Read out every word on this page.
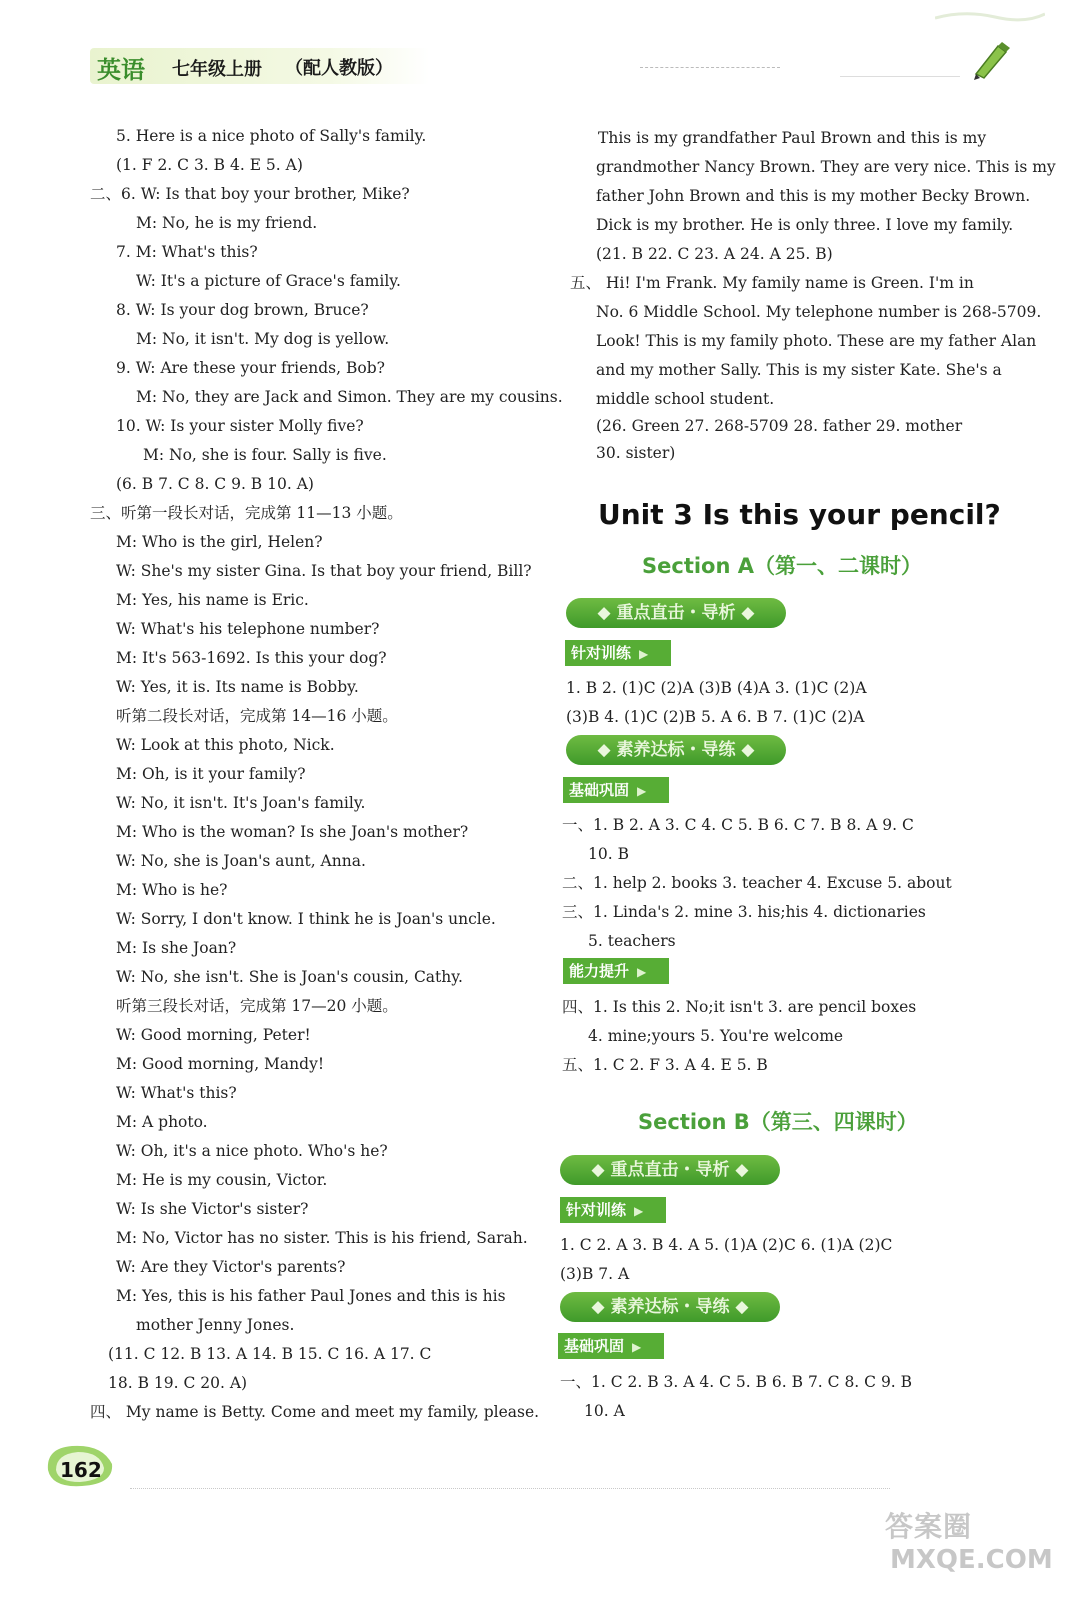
英语 七年级上册 （配人教版）
5. Here is a nice photo of Sally's family.
(1. F 2. C 3. B 4. E 5. A)
二、6. W: Is that boy your brother, Mike?
M: No, he is my friend.
7. M: What's this?
W: It's a picture of Grace's family.
8. W: Is your dog brown, Bruce?
M: No, it isn't. My dog is yellow.
9. W: Are these your friends, Bob?
M: No, they are Jack and Simon. They are my cousins.
10. W: Is your sister Molly five?
M: No, she is four. Sally is five.
(6. B 7. C 8. C 9. B 10. A)
三、听第一段长对话，完成第 11—13 小题。
M: Who is the girl, Helen?
W: She's my sister Gina. Is that boy your friend, Bill?
M: Yes, his name is Eric.
W: What's his telephone number?
M: It's 563-1692. Is this your dog?
W: Yes, it is. Its name is Bobby.
听第二段长对话，完成第 14—16 小题。
W: Look at this photo, Nick.
M: Oh, is it your family?
W: No, it isn't. It's Joan's family.
M: Who is the woman? Is she Joan's mother?
W: No, she is Joan's aunt, Anna.
M: Who is he?
W: Sorry, I don't know. I think he is Joan's uncle.
M: Is she Joan?
W: No, she isn't. She is Joan's cousin, Cathy.
听第三段长对话，完成第 17—20 小题。
W: Good morning, Peter!
M: Good morning, Mandy!
W: What's this?
M: A photo.
W: Oh, it's a nice photo. Who's he?
M: He is my cousin, Victor.
W: Is she Victor's sister?
M: No, Victor has no sister. This is his friend, Sarah.
W: Are they Victor's parents?
M: Yes, this is his father Paul Jones and this is his
mother Jenny Jones.
(11. C 12. B 13. A 14. B 15. C 16. A 17. C
18. B 19. C 20. A)
四、 My name is Betty. Come and meet my family, please.
This is my grandfather Paul Brown and this is my
grandmother Nancy Brown. They are very nice. This is my
father John Brown and this is my mother Becky Brown.
Dick is my brother. He is only three. I love my family.
(21. B 22. C 23. A 24. A 25. B)
五、 Hi! I'm Frank. My family name is Green. I'm in
No. 6 Middle School. My telephone number is 268-5709.
Look! This is my family photo. These are my father Alan
and my mother Sally. This is my sister Kate. She's a
middle school student.
(26. Green 27. 268-5709 28. father 29. mother
30. sister)
Unit 3 Is this your pencil?
Section A（第一、二课时）
◆ 重点直击・导析 ◆
针对训练 ▶
1. B 2. (1)C (2)A (3)B (4)A 3. (1)C (2)A
(3)B 4. (1)C (2)B 5. A 6. B 7. (1)C (2)A
一、1. B 2. A 3. C 4. C 5. B 6. C 7. B 8. A 9. C
10. B
二、1. help 2. books 3. teacher 4. Excuse 5. about
三、1. Linda's 2. mine 3. his;his 4. dictionaries
5. teachers
四、1. Is this 2. No;it isn't 3. are pencil boxes
4. mine;yours 5. You're welcome
五、1. C 2. F 3. A 4. E 5. B
◆ 素养达标・导练 ◆
基础巩固 ▶
能力提升 ▶
Section B（第三、四课时）
◆ 重点直击・导析 ◆
针对训练 ▶
1. C 2. A 3. B 4. A 5. (1)A (2)C 6. (1)A (2)C
(3)B 7. A
一、1. C 2. B 3. A 4. C 5. B 6. B 7. C 8. C 9. B
10. A
◆ 素养达标・导练 ◆
基础巩固 ▶
162
答案圈
MXQE.COM
